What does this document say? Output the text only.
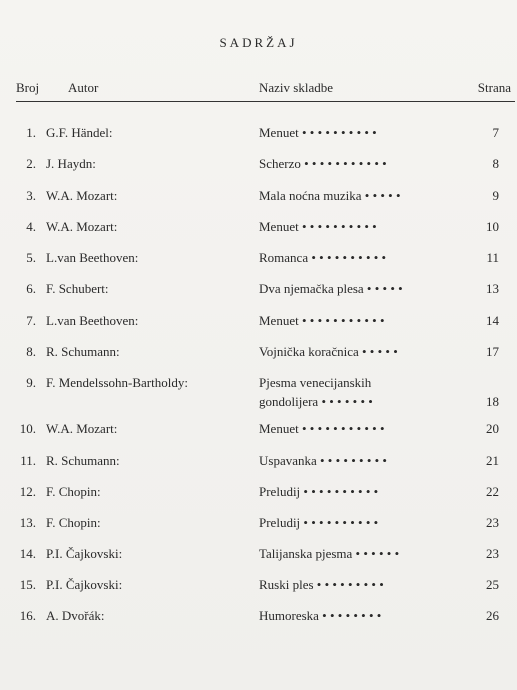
SADRŽAJ
Broj Autor	Naziv skladbe	Strana
1. G.F. Händel:	Menuet • • • • • • • • • •	7
2. J. Haydn:	Scherzo • • • • • • • • • • •	8
3. W.A. Mozart:	Mala noćna muzika • • • • •	9
4. W.A. Mozart:	Menuet • • • • • • • • • •	10
5. L.van Beethoven:	Romanca • • • • • • • • • •	11
6. F. Schubert:	Dva njemačka plesa • • • • •	13
7. L.van Beethoven:	Menuet • • • • • • • • • • •	14
8. R. Schumann:	Vojnička koračnica • • • • •	17
9. F. Mendelssohn-Bartholdy:	Pjesma venecijanskih
gondolijera • • • • • • •	18
10. W.A. Mozart:	Menuet • • • • • • • • • • •	20
11. R. Schumann:	Uspavanka • • • • • • • • •	21
12. F. Chopin:	Preludij • • • • • • • • • •	22
13. F. Chopin:	Preludij • • • • • • • • • •	23
14. P.I. Čajkovski:	Talijanska pjesma • • • • • •	23
15. P.I. Čajkovski:	Ruski ples • • • • • • • • •	25
16. A. Dvořák:	Humoreska • • • • • • • •	26
